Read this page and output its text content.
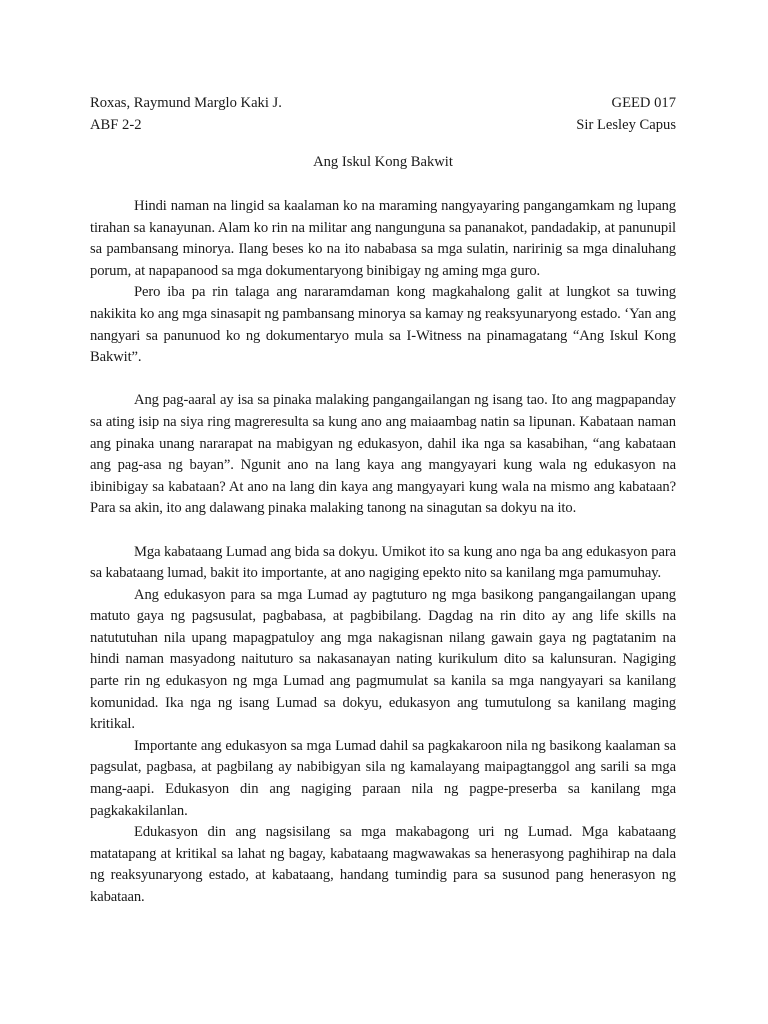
Roxas, Raymund Marglo Kaki J.	GEED 017
ABF 2-2	Sir Lesley Capus
Ang Iskul Kong Bakwit

Hindi naman na lingid sa kaalaman ko na maraming nangyayaring pangangamkam ng lupang tirahan sa kanayunan. Alam ko rin na militar ang nangunguna sa pananakot, pandadakip, at panunupil sa pambansang minorya. Ilang beses ko na ito nababasa sa mga sulatin, naririnig sa mga dinaluhang porum, at napapanood sa mga dokumentaryong binibigay ng aming mga guro.

Pero iba pa rin talaga ang nararamdaman kong magkahalong galit at lungkot sa tuwing nakikita ko ang mga sinasapit ng pambansang minorya sa kamay ng reaksyunaryong estado. ‘Yan ang nangyari sa panunuod ko ng dokumentaryo mula sa I-Witness na pinamagatang “Ang Iskul Kong Bakwit”.

Ang pag-aaral ay isa sa pinaka malaking pangangailangan ng isang tao. Ito ang magpapanday sa ating isip na siya ring magreresulta sa kung ano ang maiaambag natin sa lipunan. Kabataan naman ang pinaka unang nararapat na mabigyan ng edukasyon, dahil ika nga sa kasabihan, “ang kabataan ang pag-asa ng bayan”. Ngunit ano na lang kaya ang mangyayari kung wala ng edukasyon na ibinibigay sa kabataan? At ano na lang din kaya ang mangyayari kung wala na mismo ang kabataan? Para sa akin, ito ang dalawang pinaka malaking tanong na sinagutan sa dokyu na ito.

Mga kabataang Lumad ang bida sa dokyu. Umikot ito sa kung ano nga ba ang edukasyon para sa kabataang lumad, bakit ito importante, at ano nagiging epekto nito sa kanilang mga pamumuhay.

Ang edukasyon para sa mga Lumad ay pagtuturo ng mga basikong pangangailangan upang matuto gaya ng pagsusulat, pagbabasa, at pagbibilang. Dagdag na rin dito ay ang life skills na natututuhan nila upang mapagpatuloy ang mga nakagisnan nilang gawain gaya ng pagtatanim na hindi naman masyadong naituturo sa nakasanayan nating kurikulum dito sa kalunsuran. Nagiging parte rin ng edukasyon ng mga Lumad ang pagmumulat sa kanila sa mga nangyayari sa kanilang komunidad. Ika nga ng isang Lumad sa dokyu, edukasyon ang tumutulong sa kanilang maging kritikal.

Importante ang edukasyon sa mga Lumad dahil sa pagkakaroon nila ng basikong kaalaman sa pagsulat, pagbasa, at pagbilang ay nabibigyan sila ng kamalayang maipagtanggol ang sarili sa mga mang-aapi. Edukasyon din ang nagiging paraan nila ng pagpe-preserba sa kanilang mga pagkakakilanlan.

Edukasyon din ang nagsisilang sa mga makabagong uri ng Lumad. Mga kabataang matatapang at kritikal sa lahat ng bagay, kabataang magwawakas sa henerasyong paghihirap na dala ng reaksyunaryong estado, at kabataang, handang tumindig para sa susunod pang henerasyon ng kabataan.
